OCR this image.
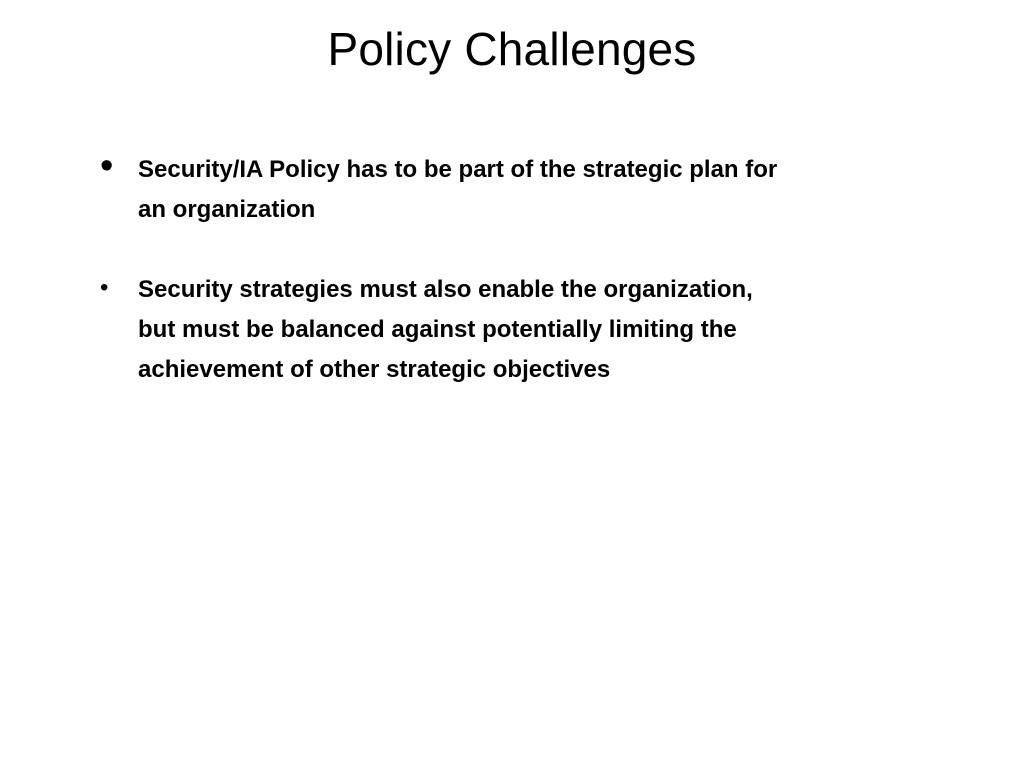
Policy Challenges
• Security/IA Policy has to be part of the strategic plan for
an organization
• Security strategies must also enable the organization,
but must be balanced against potentially limiting the
achievement of other strategic objectives
